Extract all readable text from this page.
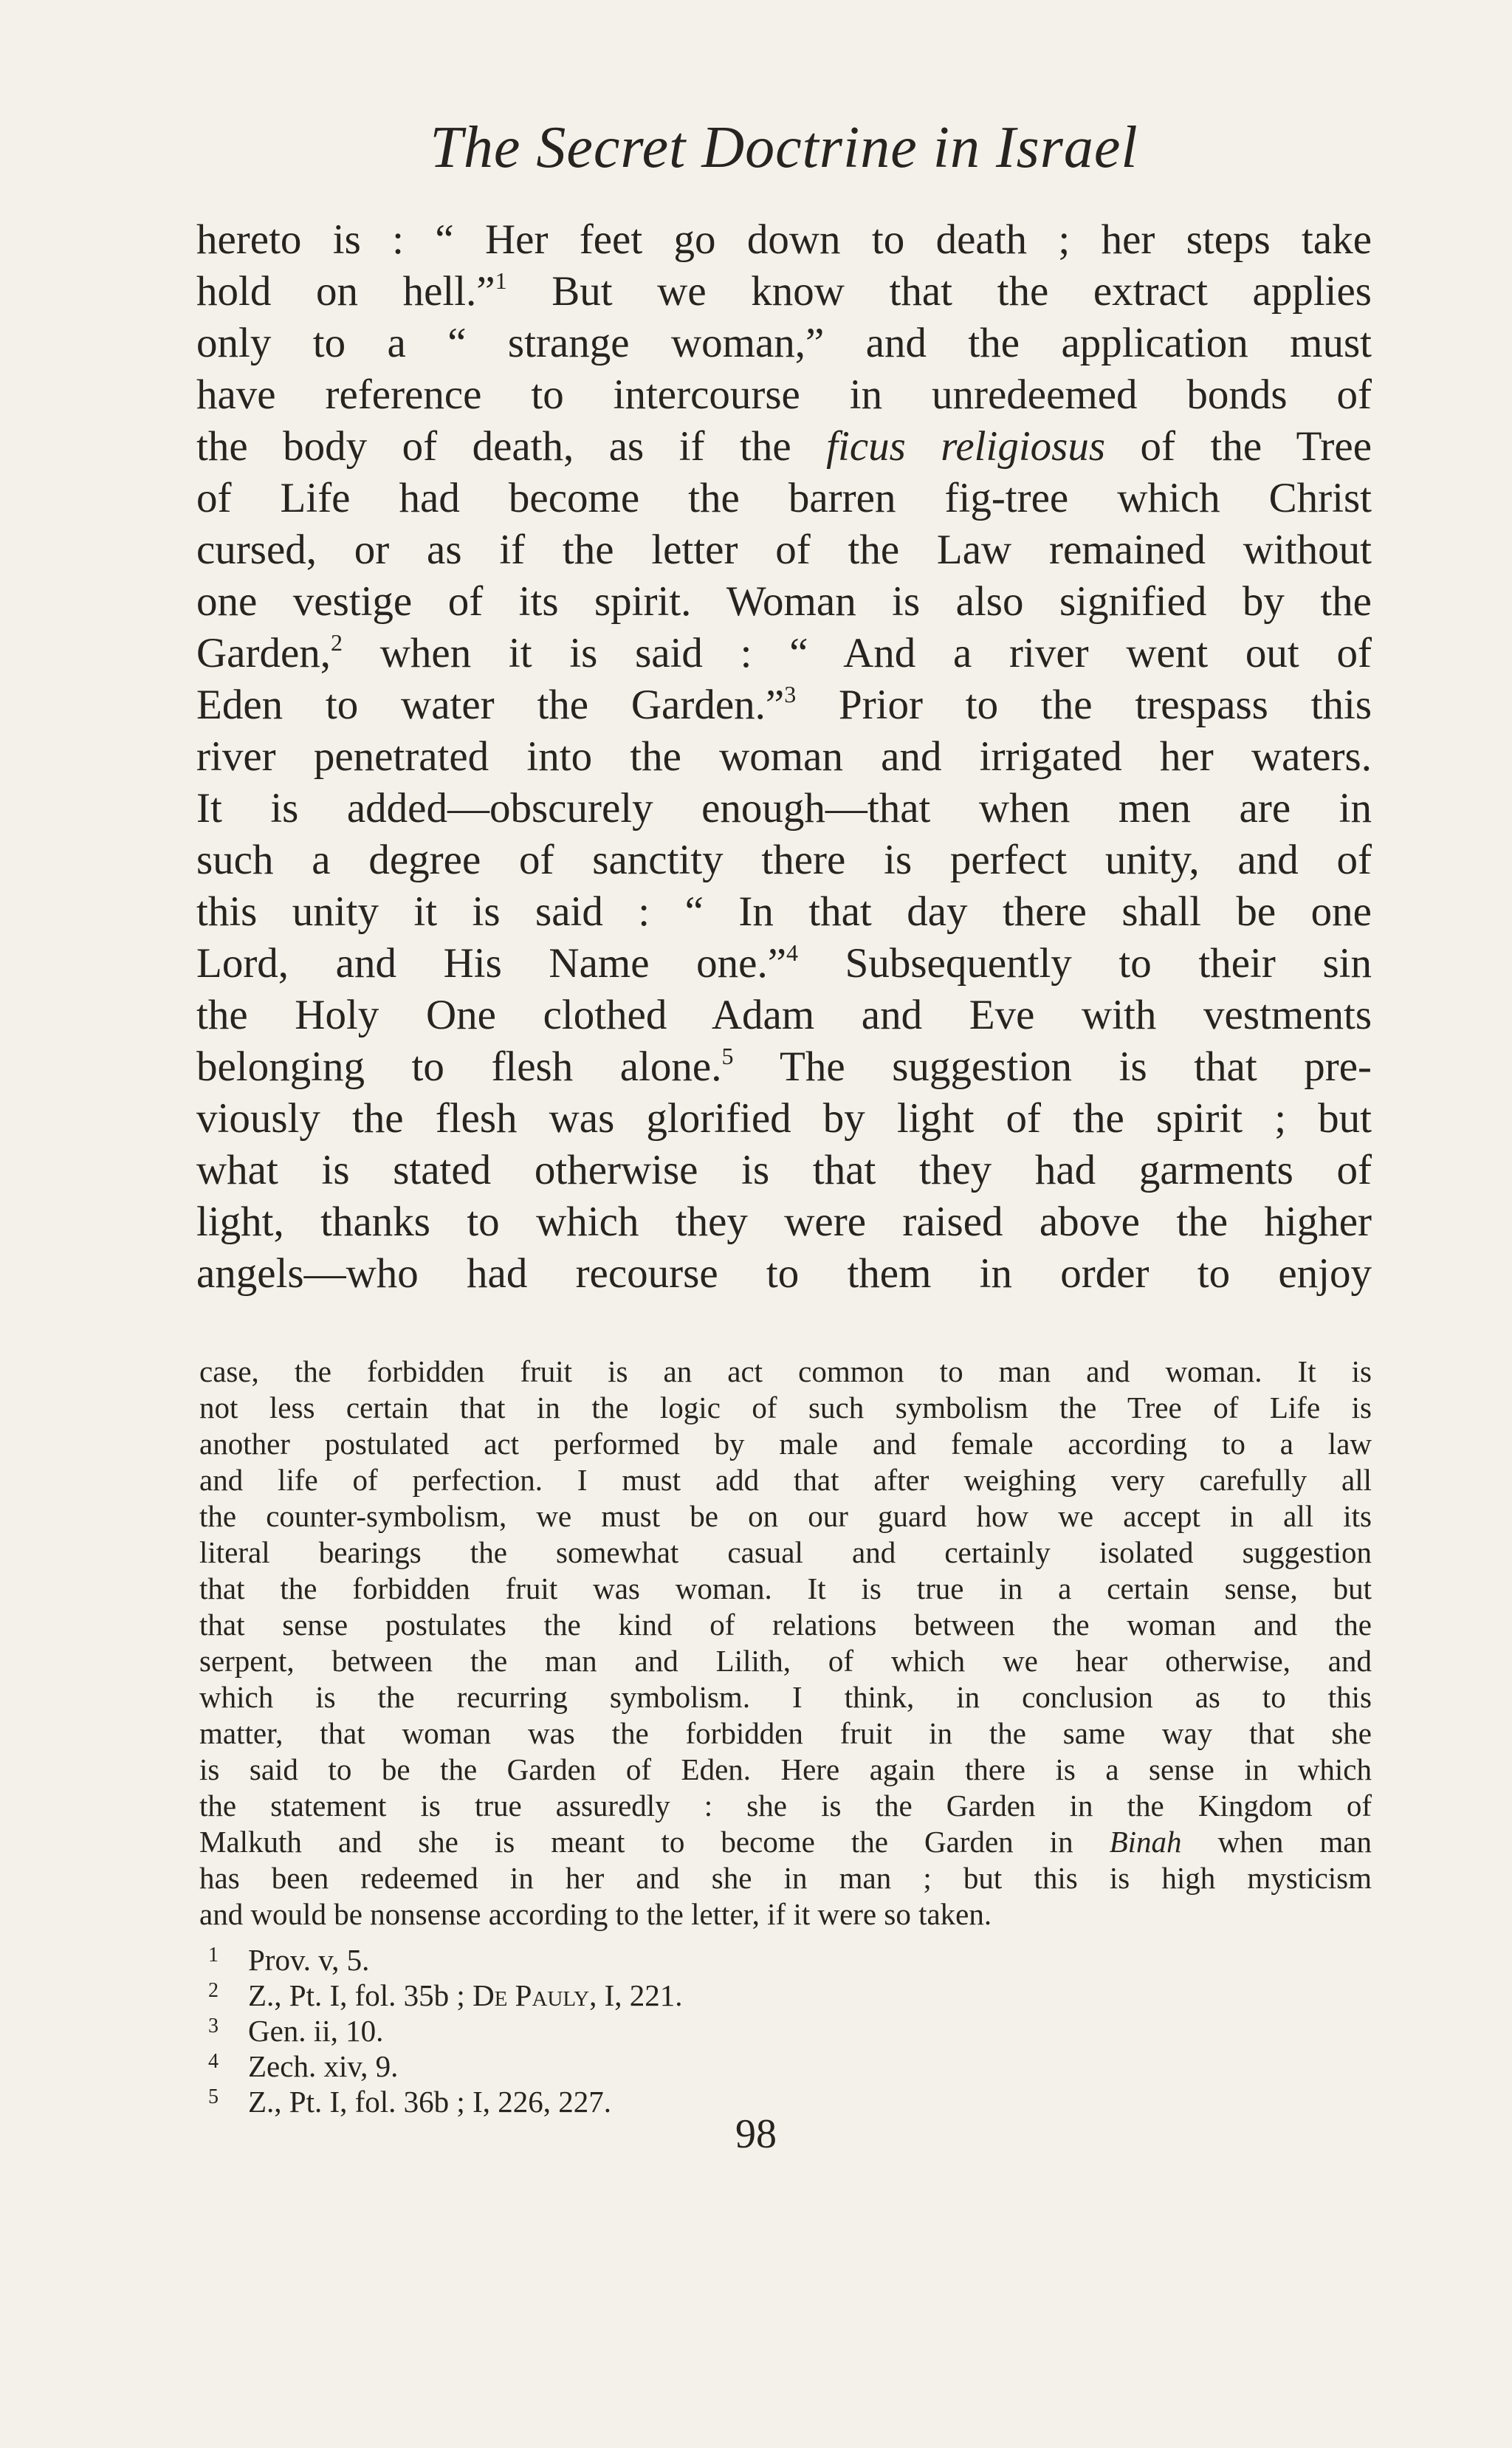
The Secret Doctrine in Israel
hereto is : “ Her feet go down to death ; her steps take
hold on hell.”$^1$ But we know that the extract applies
only to a “ strange woman,” and the application must
have reference to intercourse in unredeemed bonds of
the body of death, as if the ficus religiosus of the Tree
of Life had become the barren fig-tree which Christ
cursed, or as if the letter of the Law remained without
one vestige of its spirit. Woman is also signified by the
Garden,$^2$ when it is said : “ And a river went out of
Eden to water the Garden.”$^3$ Prior to the trespass this
river penetrated into the woman and irrigated her waters.
It is added—obscurely enough—that when men are in
such a degree of sanctity there is perfect unity, and of
this unity it is said : “ In that day there shall be one
Lord, and His Name one.”$^4$ Subsequently to their sin
the Holy One clothed Adam and Eve with vestments
belonging to flesh alone.$^5$ The suggestion is that pre-
viously the flesh was glorified by light of the spirit ; but
what is stated otherwise is that they had garments of
light, thanks to which they were raised above the higher
angels—who had recourse to them in order to enjoy
case, the forbidden fruit is an act common to man and woman. It is
not less certain that in the logic of such symbolism the Tree of Life is
another postulated act performed by male and female according to a law
and life of perfection. I must add that after weighing very carefully all
the counter-symbolism, we must be on our guard how we accept in all its
literal bearings the somewhat casual and certainly isolated suggestion
that the forbidden fruit was woman. It is true in a certain sense, but
that sense postulates the kind of relations between the woman and the
serpent, between the man and Lilith, of which we hear otherwise, and
which is the recurring symbolism. I think, in conclusion as to this
matter, that woman was the forbidden fruit in the same way that she
is said to be the Garden of Eden. Here again there is a sense in which
the statement is true assuredly : she is the Garden in the Kingdom of
Malkuth and she is meant to become the Garden in Binah when man
has been redeemed in her and she in man ; but this is high mysticism
and would be nonsense according to the letter, if it were so taken.
1 Prov. v, 5.
2 Z., Pt. I, fol. 35b ; De Pauly, I, 221.
3 Gen. ii, 10.
4 Zech. xiv, 9.
5 Z., Pt. I, fol. 36b ; I, 226, 227.
98
